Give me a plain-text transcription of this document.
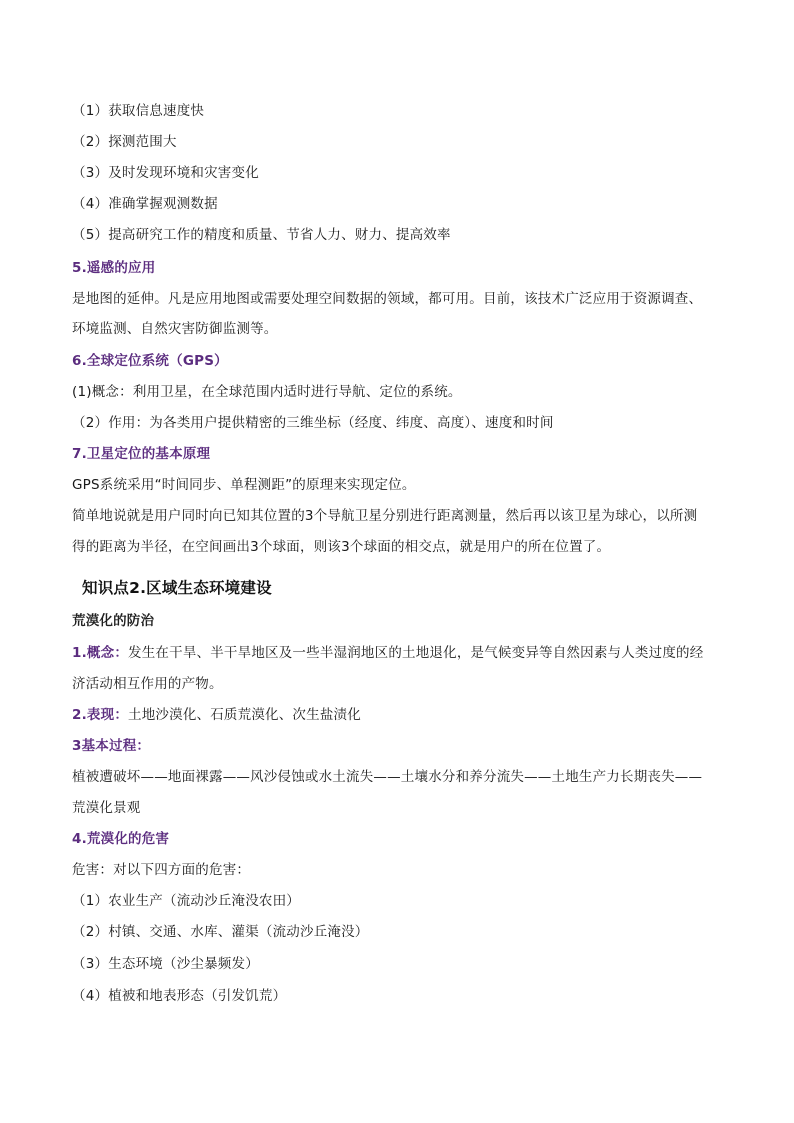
（1）获取信息速度快
（2）探测范围大
（3）及时发现环境和灾害变化
（4）准确掌握观测数据
（5）提高研究工作的精度和质量、节省人力、财力、提高效率
5.遥感的应用
是地图的延伸。凡是应用地图或需要处理空间数据的领域，都可用。目前，该技术广泛应用于资源调查、
环境监测、自然灾害防御监测等。
6.全球定位系统（GPS）
(1)概念：利用卫星，在全球范围内适时进行导航、定位的系统。
（2）作用：为各类用户提供精密的三维坐标（经度、纬度、高度）、速度和时间
7.卫星定位的基本原理
GPS系统采用“时间同步、单程测距”的原理来实现定位。
简单地说就是用户同时向已知其位置的3个导航卫星分别进行距离测量，然后再以该卫星为球心，以所测
得的距离为半径，在空间画出3个球面，则该3个球面的相交点，就是用户的所在位置了。
知识点2.区域生态环境建设
荒漠化的防治
1.概念：发生在干旱、半干旱地区及一些半湿润地区的土地退化，是气候变异等自然因素与人类过度的经
济活动相互作用的产物。
2.表现：土地沙漠化、石质荒漠化、次生盐渍化
3基本过程：
植被遭破坏——地面裸露——风沙侵蚀或水土流失——土壤水分和养分流失——土地生产力长期丧失——
荒漠化景观
4.荒漠化的危害
危害：对以下四方面的危害：
（1）农业生产（流动沙丘淹没农田）
（2）村镇、交通、水库、灌渠（流动沙丘淹没）
（3）生态环境（沙尘暴频发）
（4）植被和地表形态（引发饥荒）
